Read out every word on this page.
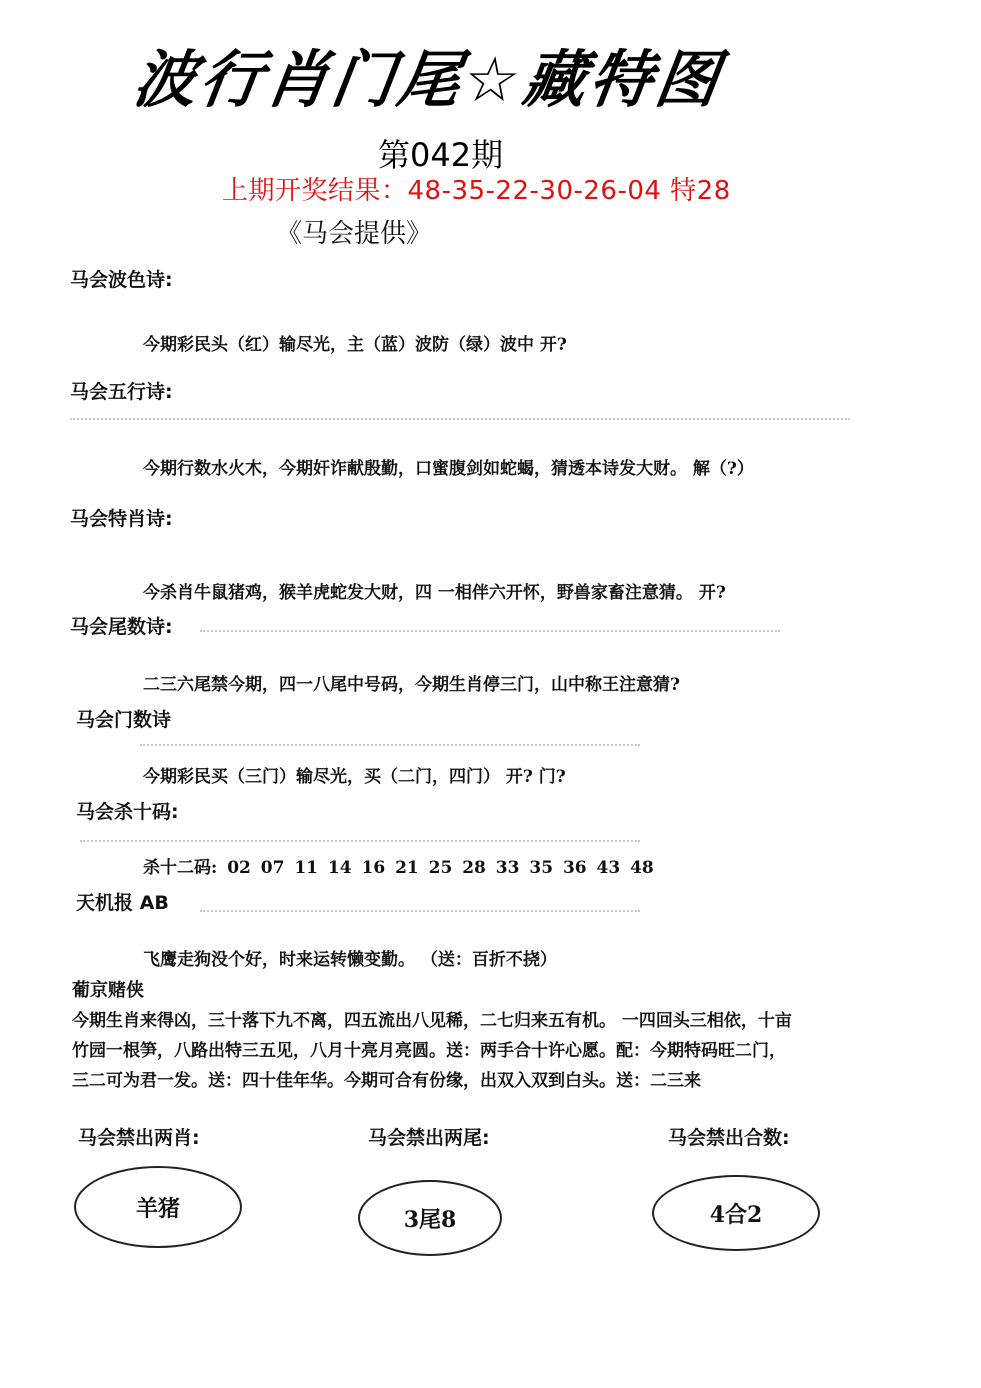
波行肖门尾☆藏特图
第042期
上期开奖结果：48-35-22-30-26-04 特28
《马会提供》
马会波色诗:
今期彩民头（红）输尽光，主（蓝）波防（绿）波中 开?
马会五行诗:
今期行数水火木，今期奸诈献殷勤，口蜜腹剑如蛇蝎，猜透本诗发大财。 解（?）
马会特肖诗:
今杀肖牛鼠猪鸡，猴羊虎蛇发大财，四 一相伴六开怀，野兽家畜注意猜。 开?
马会尾数诗:
二三六尾禁今期，四一八尾中号码，今期生肖停三门，山中称王注意猜?
马会门数诗
今期彩民买（三门）输尽光，买（二门，四门） 开? 门?
马会杀十码:
杀十二码: 02 07 11 14 16 21 25 28 33 35 36 43 48
天机报 AB
飞鹰走狗没个好，时来运转懒变勤。 （送：百折不挠）
葡京赌侠
今期生肖来得凶，三十落下九不离，四五流出八见稀，二七归来五有机。 一四回头三相依，十亩
竹园一根笋，八路出特三五见，八月十亮月亮圆。送：两手合十许心愿。配：今期特码旺二门，
三二可为君一发。送：四十佳年华。今期可合有份缘，出双入双到白头。送：二三来
马会禁出两肖:	马会禁出两尾:	马会禁出合数:
羊猪	3尾8	4合2
